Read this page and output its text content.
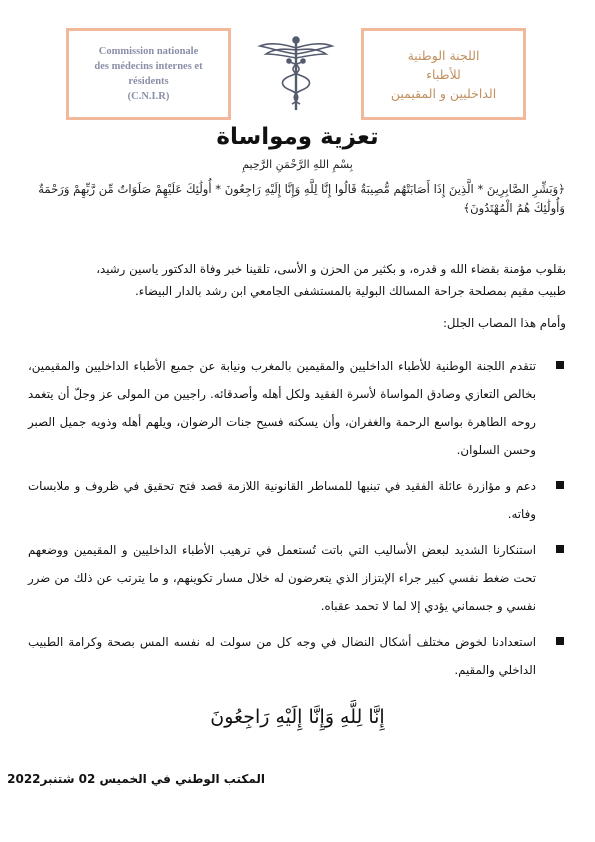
Commission nationale
des médecins internes et
résidents
(C.N.I.R)
اللجنة الوطنية
للأطباء
الداخليين و المقيمين
تعزية ومواساة
بِسْمِ اللهِ الرَّحْمَنِ الرَّحِيمِ
﴿وَبَشِّرِ الصَّابِرِينَ * الَّذِينَ إِذَا أَصَابَتْهُم مُّصِيبَةٌ قَالُوا إِنَّا لِلَّهِ وَإِنَّا إِلَيْهِ رَاجِعُونَ * أُولَٰئِكَ عَلَيْهِمْ صَلَوَاتٌ مِّن رَّبِّهِمْ وَرَحْمَةٌ وَأُولَٰئِكَ هُمُ الْمُهْتَدُونَ﴾

بقلوب مؤمنة بقضاء الله و قدره، و بكثير من الحزن و الأسى، تلقينا خبر وفاة الدكتور ياسين رشيد،

طبيب مقيم بمصلحة جراحة المسالك البولية بالمستشفى الجامعي ابن رشد بالدار البيضاء.

وأمام هذا المصاب الجلل:
تتقدم اللجنة الوطنية للأطباء الداخليين والمقيمين بالمغرب ونيابة عن جميع الأطباء الداخليين والمقيمين، بخالص التعازي وصادق المواساة لأسرة الفقيد ولكل أهله وأصدقائه. راجيين من المولى عز وجلّ أن يتغمد روحه الطاهرة بواسع الرحمة والغفران، وأن يسكنه فسيح جنات الرضوان، ويلهم أهله وذويه جميل الصبر وحسن السلوان.
دعم و مؤازرة عائلة الفقيد في تبنيها للمساطر القانونية اللازمة قصد فتح تحقيق في ظروف و ملابسات وفاته.
استنكارنا الشديد لبعض الأساليب التي باتت تُستعمل في ترهيب الأطباء الداخليين و المقيمين ووضعهم تحت ضغط نفسي كبير جراء الإبتزاز الذي يتعرضون له خلال مسار تكوينهم، و ما يترتب عن ذلك من ضرر نفسي و جسماني يؤدي إلا لما لا تحمد عقباه.
استعدادنا لخوض مختلف أشكال النضال في وجه كل من سولت له نفسه المس بصحة وكرامة الطبيب الداخلي والمقيم.
إِنَّا لِلَّهِ وَإِنَّا إِلَيْهِ رَاجِعُونَ
المكتب الوطني في الخميس 02 شتنبر2022
